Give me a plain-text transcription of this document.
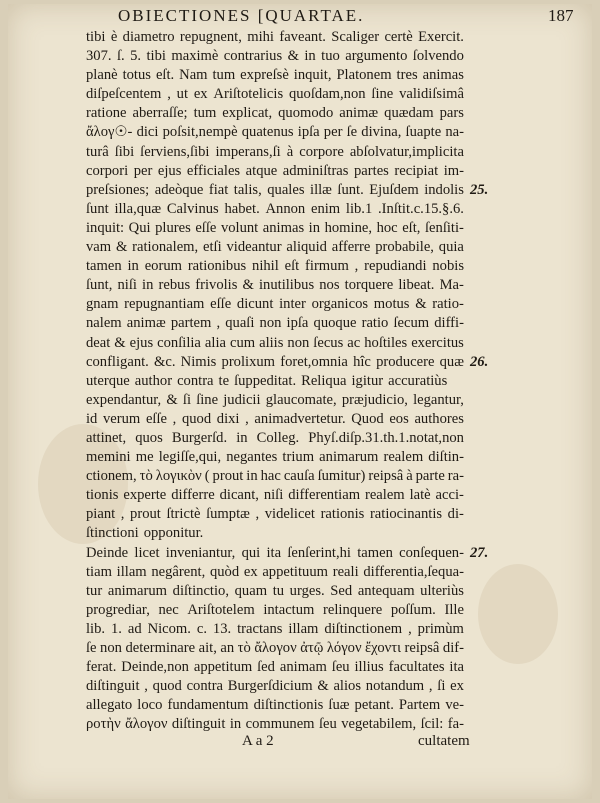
OBIECTIONES [QUARTAE.	187
tibi è diametro repugnent, mihi faveant. Scaliger certè Exercit.
307. ſ. 5. tibi maximè contrarius & in tuo argumento ſolvendo
planè totus eſt. Nam tum expreſsè inquit, Platonem tres animas
diſpeſcentem , ut ex Ariſtotelicis quoſdam,non ſine validiſsimâ
ratione aberraſſe; tum explicat, quomodo animæ quædam pars
ἄλογ☉- dici poſsit,nempè quatenus ipſa per ſe divina, ſuapte na-
turâ ſibi ſerviens,ſibi imperans,ſi à corpore abſolvatur,implicita
corpori per ejus efficiales atque adminiſtras partes recipiat im-
preſsiones; adeòque fiat talis, quales illæ ſunt. Ejuſdem indolis 25.
ſunt illa,quæ Calvinus habet. Annon enim lib.1 .Inſtit.c.15.§.6.
inquit: Qui plures eſſe volunt animas in homine, hoc eſt, ſenſiti-
vam & rationalem, etſi videantur aliquid afferre probabile, quia
tamen in eorum rationibus nihil eſt firmum , repudiandi nobis
ſunt, niſi in rebus frivolis & inutilibus nos torquere libeat. Ma-
gnam repugnantiam eſſe dicunt inter organicos motus & ratio-
nalem animæ partem , quaſi non ipſa quoque ratio ſecum diffi-
deat & ejus conſilia alia cum aliis non ſecus ac hoſtiles exercitus
confligant. &c. Nimis prolixum foret,omnia hîc producere quæ 26.
uterque author contra te ſuppeditat. Reliqua igitur accuratiùs
expendantur, & ſi ſine judicii glaucomate, præjudicio, legantur,
id verum eſſe , quod dixi , animadvertetur. Quod eos authores
attinet, quos Burgerſd. in Colleg. Phyſ.diſp.31.th.1.notat,non
memini me legiſſe,qui, negantes trium animarum realem diſtin-
ctionem, τὸ λογικὸν ( prout in hac cauſa ſumitur) reipsâ à parte ra-
tionis experte differre dicant, niſi differentiam realem latè acci-
piant , prout ſtrictè ſumptæ , videlicet rationis ratiocinantis di-
ſtinctioni opponitur.
Deinde licet inveniantur, qui ita ſenſerint,hi tamen conſequen- 27.
tiam illam negârent, quòd ex appetituum reali differentia,ſequa-
tur animarum diſtinctio, quam tu urges. Sed antequam ulteriùs
progrediar, nec Ariſtotelem intactum relinquere poſſum. Ille
lib. 1. ad Nicom. c. 13. tractans illam diſtinctionem , primùm
ſe non determinare ait, an τὸ ἄλογον ἀτῷ λόγον ἔχοντι reipsâ dif-
ferat. Deinde,non appetitum ſed animam ſeu illius facultates ita
diſtinguit , quod contra Burgerſdicium & alios notandum , ſi ex
allegato loco fundamentum diſtinctionis ſuæ petant. Partem ve-
ροτὴν ἄλογον diſtinguit in communem ſeu vegetabilem, ſcil: fa-
A a 2	cultatem
